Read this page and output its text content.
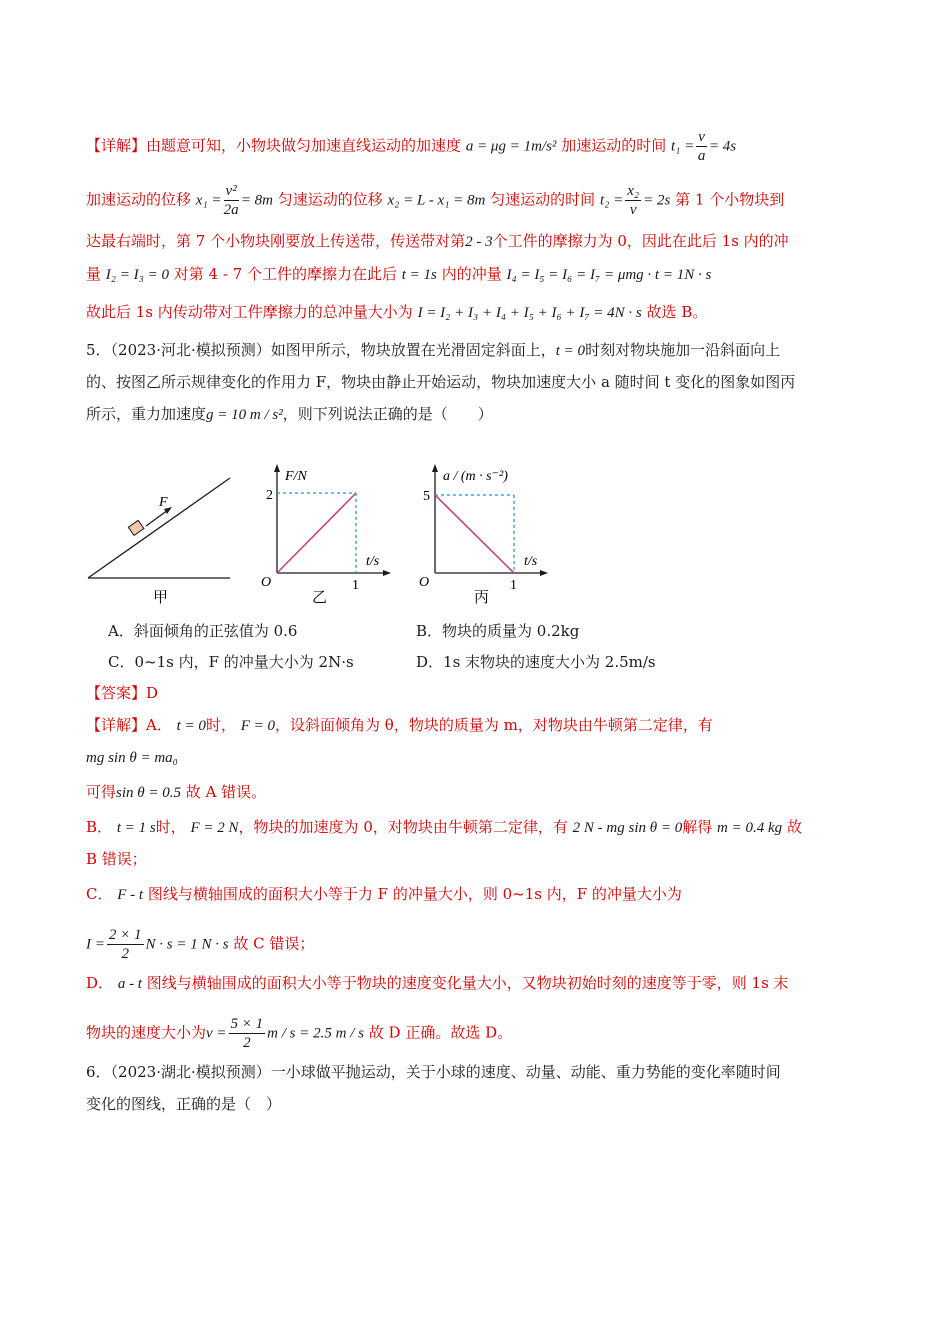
【详解】由题意可知，小物块做匀加速直线运动的加速度 a = μg = 1m/s² 加速运动的时间 $t_1 = \frac{v}{a} = 4s$
加速运动的位移 $x_1 = \frac{\text{v²}}{2a} = 8m$ 匀速运动的位移 x₂ = L - x₁ = 8m 匀速运动的时间 $t_2 = \frac{\text{x₂}}{v} = 2s$ 第 1 个小物块到
达最右端时，第 7 个小物块刚要放上传送带，传送带对第2 - 3个工件的摩擦力为 0，因此在此后 1s 内的冲
量 I₂ = I₃ = 0 对第 4 - 7 个工件的摩擦力在此后 t = 1s 内的冲量 I₄ = I₅ = I₆ = I₇ = μmg · t = 1N · s
故此后 1s 内传动带对工件摩擦力的总冲量大小为 I = I₂ + I₃ + I₄ + I₅ + I₆ + I₇ = 4N · s 故选 B。
5．（2023·河北·模拟预测）如图甲所示，物块放置在光滑固定斜面上，t = 0时刻对物块施加一沿斜面向上
的、按图乙所示规律变化的作用力 F，物块由静止开始运动，物块加速度大小 a 随时间 t 变化的图象如图丙
所示，重力加速度g = 10 m / s²，则下列说法正确的是（　　）
F
甲
F/N
2
1
t/s
O
乙
a / (m · s⁻²)
5
1
t/s
O
丙
A．斜面倾角的正弦值为 0.6	B．物块的质量为 0.2kg
C．0~1s 内，F 的冲量大小为 2N·s	D．1s 末物块的速度大小为 2.5m/s
【答案】D
【详解】A． t = 0时， F = 0，设斜面倾角为 θ，物块的质量为 m，对物块由牛顿第二定律，有
mg sin θ = ma₀
可得sin θ = 0.5 故 A 错误。
B． t = 1 s时， F = 2 N，物块的加速度为 0，对物块由牛顿第二定律，有 2 N - mg sin θ = 0解得 m = 0.4 kg 故
B 错误；
C． F - t 图线与横轴围成的面积大小等于力 F 的冲量大小，则 0~1s 内，F 的冲量大小为
$I = \frac{2 \times 1}{2}$ N · s = 1 N · s 故 C 错误；
D． a - t 图线与横轴围成的面积大小等于物块的速度变化量大小，又物块初始时刻的速度等于零，则 1s 末
物块的速度大小为$v = \frac{5 \times 1}{2}$ m / s = 2.5 m / s 故 D 正确。故选 D。
6．（2023·湖北·模拟预测）一小球做平抛运动，关于小球的速度、动量、动能、重力势能的变化率随时间
变化的图线，正确的是（　）
